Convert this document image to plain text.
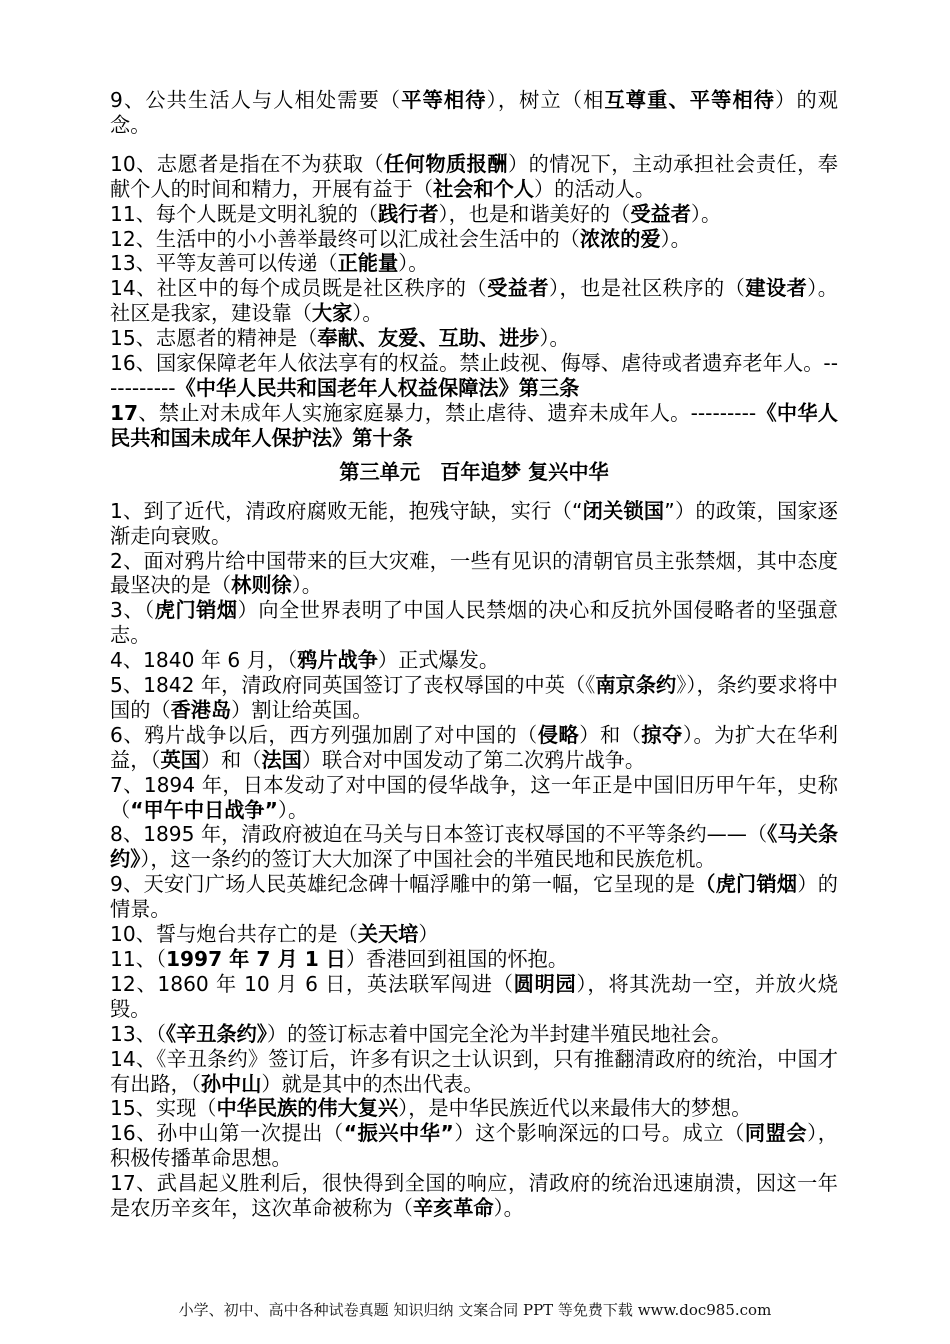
9、公共生活人与人相处需要（平等相待），树立（相互尊重、平等相待）的观念。

10、志愿者是指在不为获取（任何物质报酬）的情况下，主动承担社会责任，奉献个人的时间和精力，开展有益于（社会和个人）的活动人。

11、每个人既是文明礼貌的（践行者），也是和谐美好的（受益者）。

12、生活中的小小善举最终可以汇成社会生活中的（浓浓的爱）。

13、平等友善可以传递（正能量）。

14、社区中的每个成员既是社区秩序的（受益者），也是社区秩序的（建设者）。社区是我家，建设靠（大家）。

15、志愿者的精神是（奉献、友爱、互助、进步）。

16、国家保障老年人依法享有的权益。禁止歧视、侮辱、虐待或者遗弃老年人。-----------《中华人民共和国老年人权益保障法》第三条

17、禁止对未成年人实施家庭暴力，禁止虐待、遗弃未成年人。---------《中华人民共和国未成年人保护法》第十条

第三单元　百年追梦 复兴中华

1、到了近代，清政府腐败无能，抱残守缺，实行（“闭关锁国”）的政策，国家逐渐走向衰败。

2、面对鸦片给中国带来的巨大灾难，一些有见识的清朝官员主张禁烟，其中态度最坚决的是（林则徐）。

3、（虎门销烟）向全世界表明了中国人民禁烟的决心和反抗外国侵略者的坚强意志。

4、1840 年 6 月，（鸦片战争）正式爆发。

5、1842 年，清政府同英国签订了丧权辱国的中英（《南京条约》），条约要求将中国的（香港岛）割让给英国。

6、鸦片战争以后，西方列强加剧了对中国的（侵略）和（掠夺）。为扩大在华利益，（英国）和（法国）联合对中国发动了第二次鸦片战争。

7、1894 年，日本发动了对中国的侵华战争，这一年正是中国旧历甲午年，史称（“甲午中日战争”）。

8、1895 年，清政府被迫在马关与日本签订丧权辱国的不平等条约——（《马关条约》），这一条约的签订大大加深了中国社会的半殖民地和民族危机。

9、天安门广场人民英雄纪念碑十幅浮雕中的第一幅，它呈现的是（虎门销烟）的情景。

10、誓与炮台共存亡的是（关天培）

11、（1997 年 7 月 1 日）香港回到祖国的怀抱。

12、1860 年 10 月 6 日，英法联军闯进（圆明园），将其洗劫一空，并放火烧毁。

13、（《辛丑条约》）的签订标志着中国完全沦为半封建半殖民地社会。

14、《辛丑条约》签订后，许多有识之士认识到，只有推翻清政府的统治，中国才有出路，（孙中山）就是其中的杰出代表。

15、实现（中华民族的伟大复兴），是中华民族近代以来最伟大的梦想。

16、孙中山第一次提出（“振兴中华”）这个影响深远的口号。成立（同盟会），积极传播革命思想。

17、武昌起义胜利后，很快得到全国的响应，清政府的统治迅速崩溃，因这一年是农历辛亥年，这次革命被称为（辛亥革命）。

小学、初中、高中各种试卷真题 知识归纳 文案合同 PPT 等免费下载 www.doc985.com
